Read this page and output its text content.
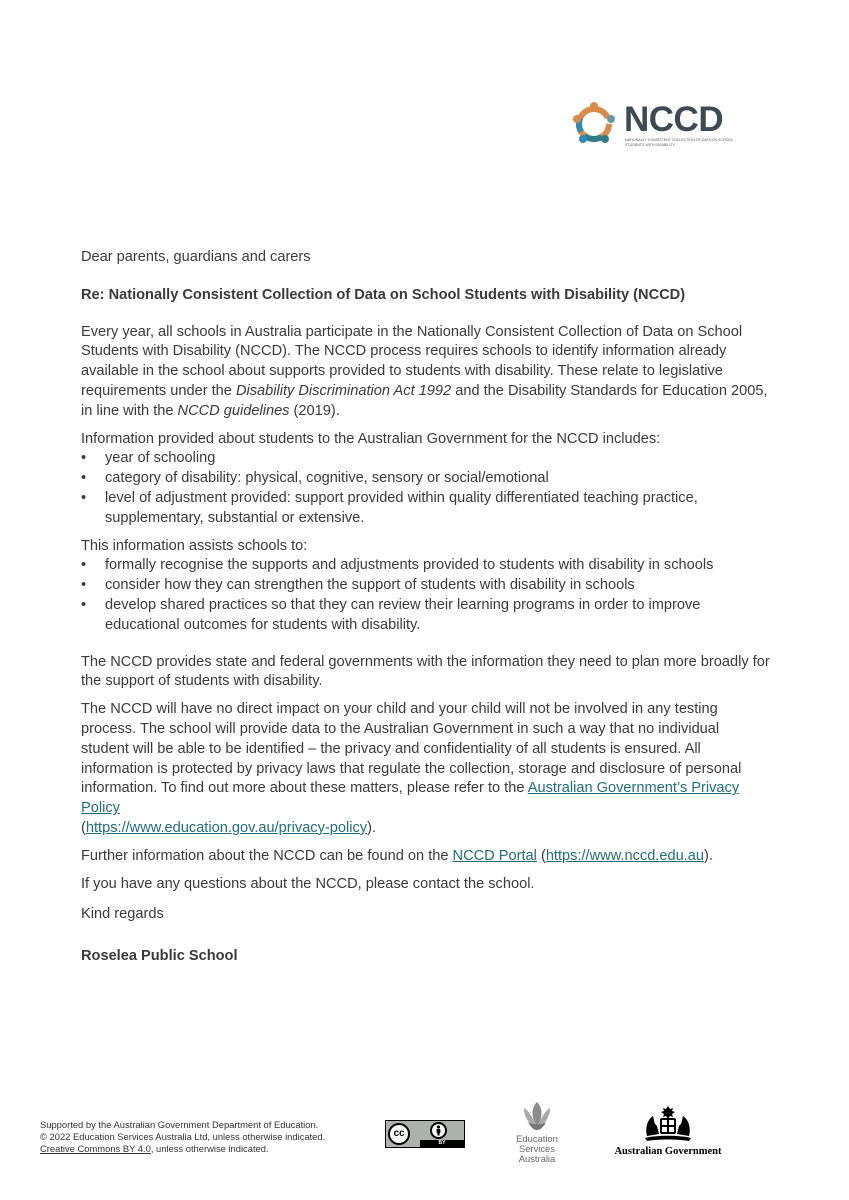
NCCD
NATIONALLY CONSISTENT COLLECTION OF DATA ON SCHOOL STUDENTS WITH DISABILITY

Dear parents, guardians and carers

Re: Nationally Consistent Collection of Data on School Students with Disability (NCCD)

Every year, all schools in Australia participate in the Nationally Consistent Collection of Data on School Students with Disability (NCCD). The NCCD process requires schools to identify information already available in the school about supports provided to students with disability. These relate to legislative requirements under the Disability Discrimination Act 1992 and the Disability Standards for Education 2005, in line with the NCCD guidelines (2019).

Information provided about students to the Australian Government for the NCCD includes:

• year of schooling
• category of disability: physical, cognitive, sensory or social/emotional
• level of adjustment provided: support provided within quality differentiated teaching practice, supplementary, substantial or extensive.

This information assists schools to:

• formally recognise the supports and adjustments provided to students with disability in schools
• consider how they can strengthen the support of students with disability in schools
• develop shared practices so that they can review their learning programs in order to improve educational outcomes for students with disability.

The NCCD provides state and federal governments with the information they need to plan more broadly for the support of students with disability.

The NCCD will have no direct impact on your child and your child will not be involved in any testing process. The school will provide data to the Australian Government in such a way that no individual student will be able to be identified – the privacy and confidentiality of all students is ensured. All information is protected by privacy laws that regulate the collection, storage and disclosure of personal information. To find out more about these matters, please refer to the Australian Government’s Privacy Policy
(https://www.education.gov.au/privacy-policy).

Further information about the NCCD can be found on the NCCD Portal (https://www.nccd.edu.au).

If you have any questions about the NCCD, please contact the school.

Kind regards

Roselea Public School

Supported by the Australian Government Department of Education.
© 2022 Education Services Australia Ltd, unless otherwise indicated.
Creative Commons BY 4.0, unless otherwise indicated.
cc
BY	Education
Services
Australia
Australian Government
